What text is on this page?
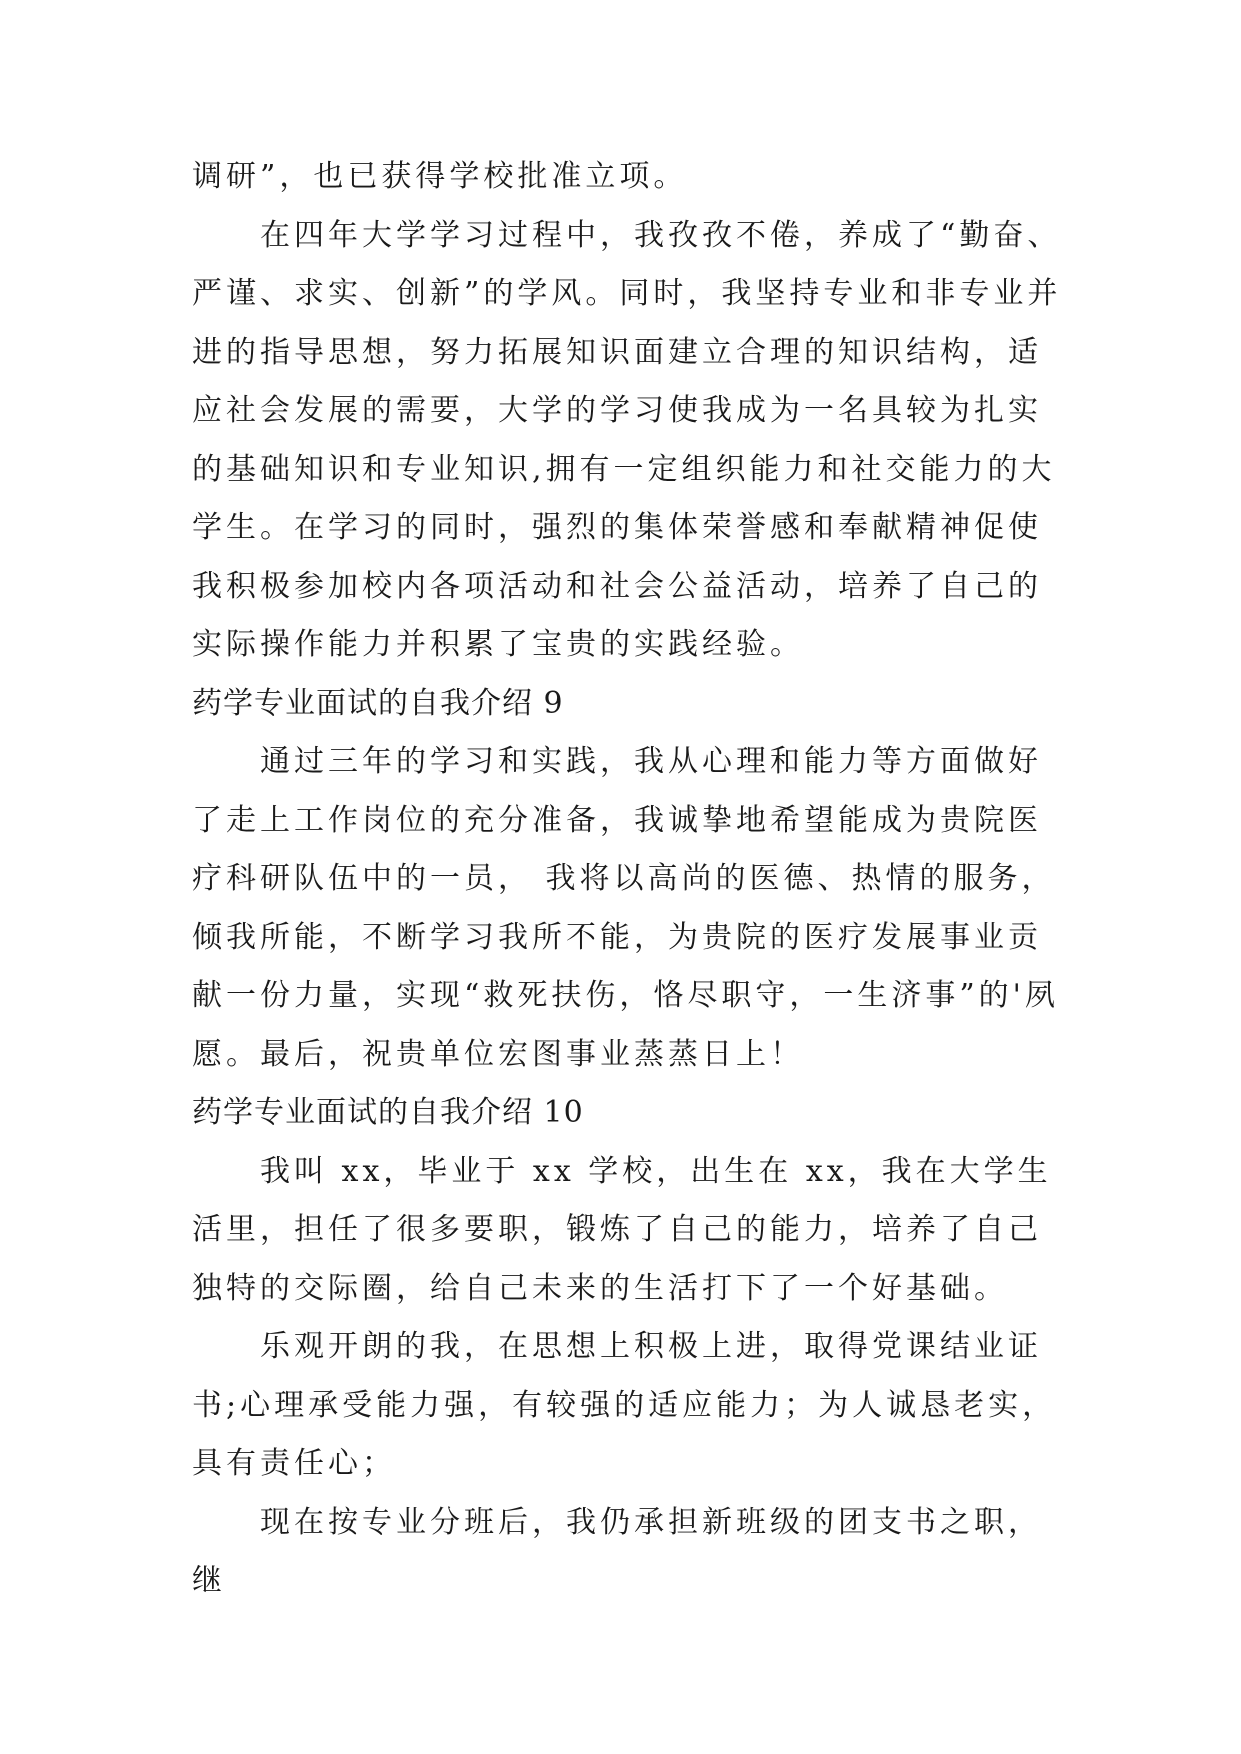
调研”，也已获得学校批准立项。

在四年大学学习过程中，我孜孜不倦，养成了“勤奋、严谨、求实、创新”的学风。同时，我坚持专业和非专业并进的指导思想，努力拓展知识面建立合理的知识结构，适应社会发展的需要，大学的学习使我成为一名具较为扎实的基础知识和专业知识,拥有一定组织能力和社交能力的大学生。在学习的同时，强烈的集体荣誉感和奉献精神促使我积极参加校内各项活动和社会公益活动，培养了自己的实际操作能力并积累了宝贵的实践经验。

药学专业面试的自我介绍 9

通过三年的学习和实践，我从心理和能力等方面做好了走上工作岗位的充分准备，我诚挚地希望能成为贵院医疗科研队伍中的一员， 我将以高尚的医德、热情的服务，倾我所能，不断学习我所不能，为贵院的医疗发展事业贡献一份力量，实现“救死扶伤，恪尽职守，一生济事”的'夙愿。最后，祝贵单位宏图事业蒸蒸日上！

药学专业面试的自我介绍 10

我叫 xx，毕业于 xx 学校，出生在 xx，我在大学生活里，担任了很多要职，锻炼了自己的能力，培养了自己独特的交际圈，给自己未来的生活打下了一个好基础。

乐观开朗的我，在思想上积极上进，取得党课结业证书;心理承受能力强，有较强的适应能力；为人诚恳老实，具有责任心；

现在按专业分班后，我仍承担新班级的团支书之职，继
